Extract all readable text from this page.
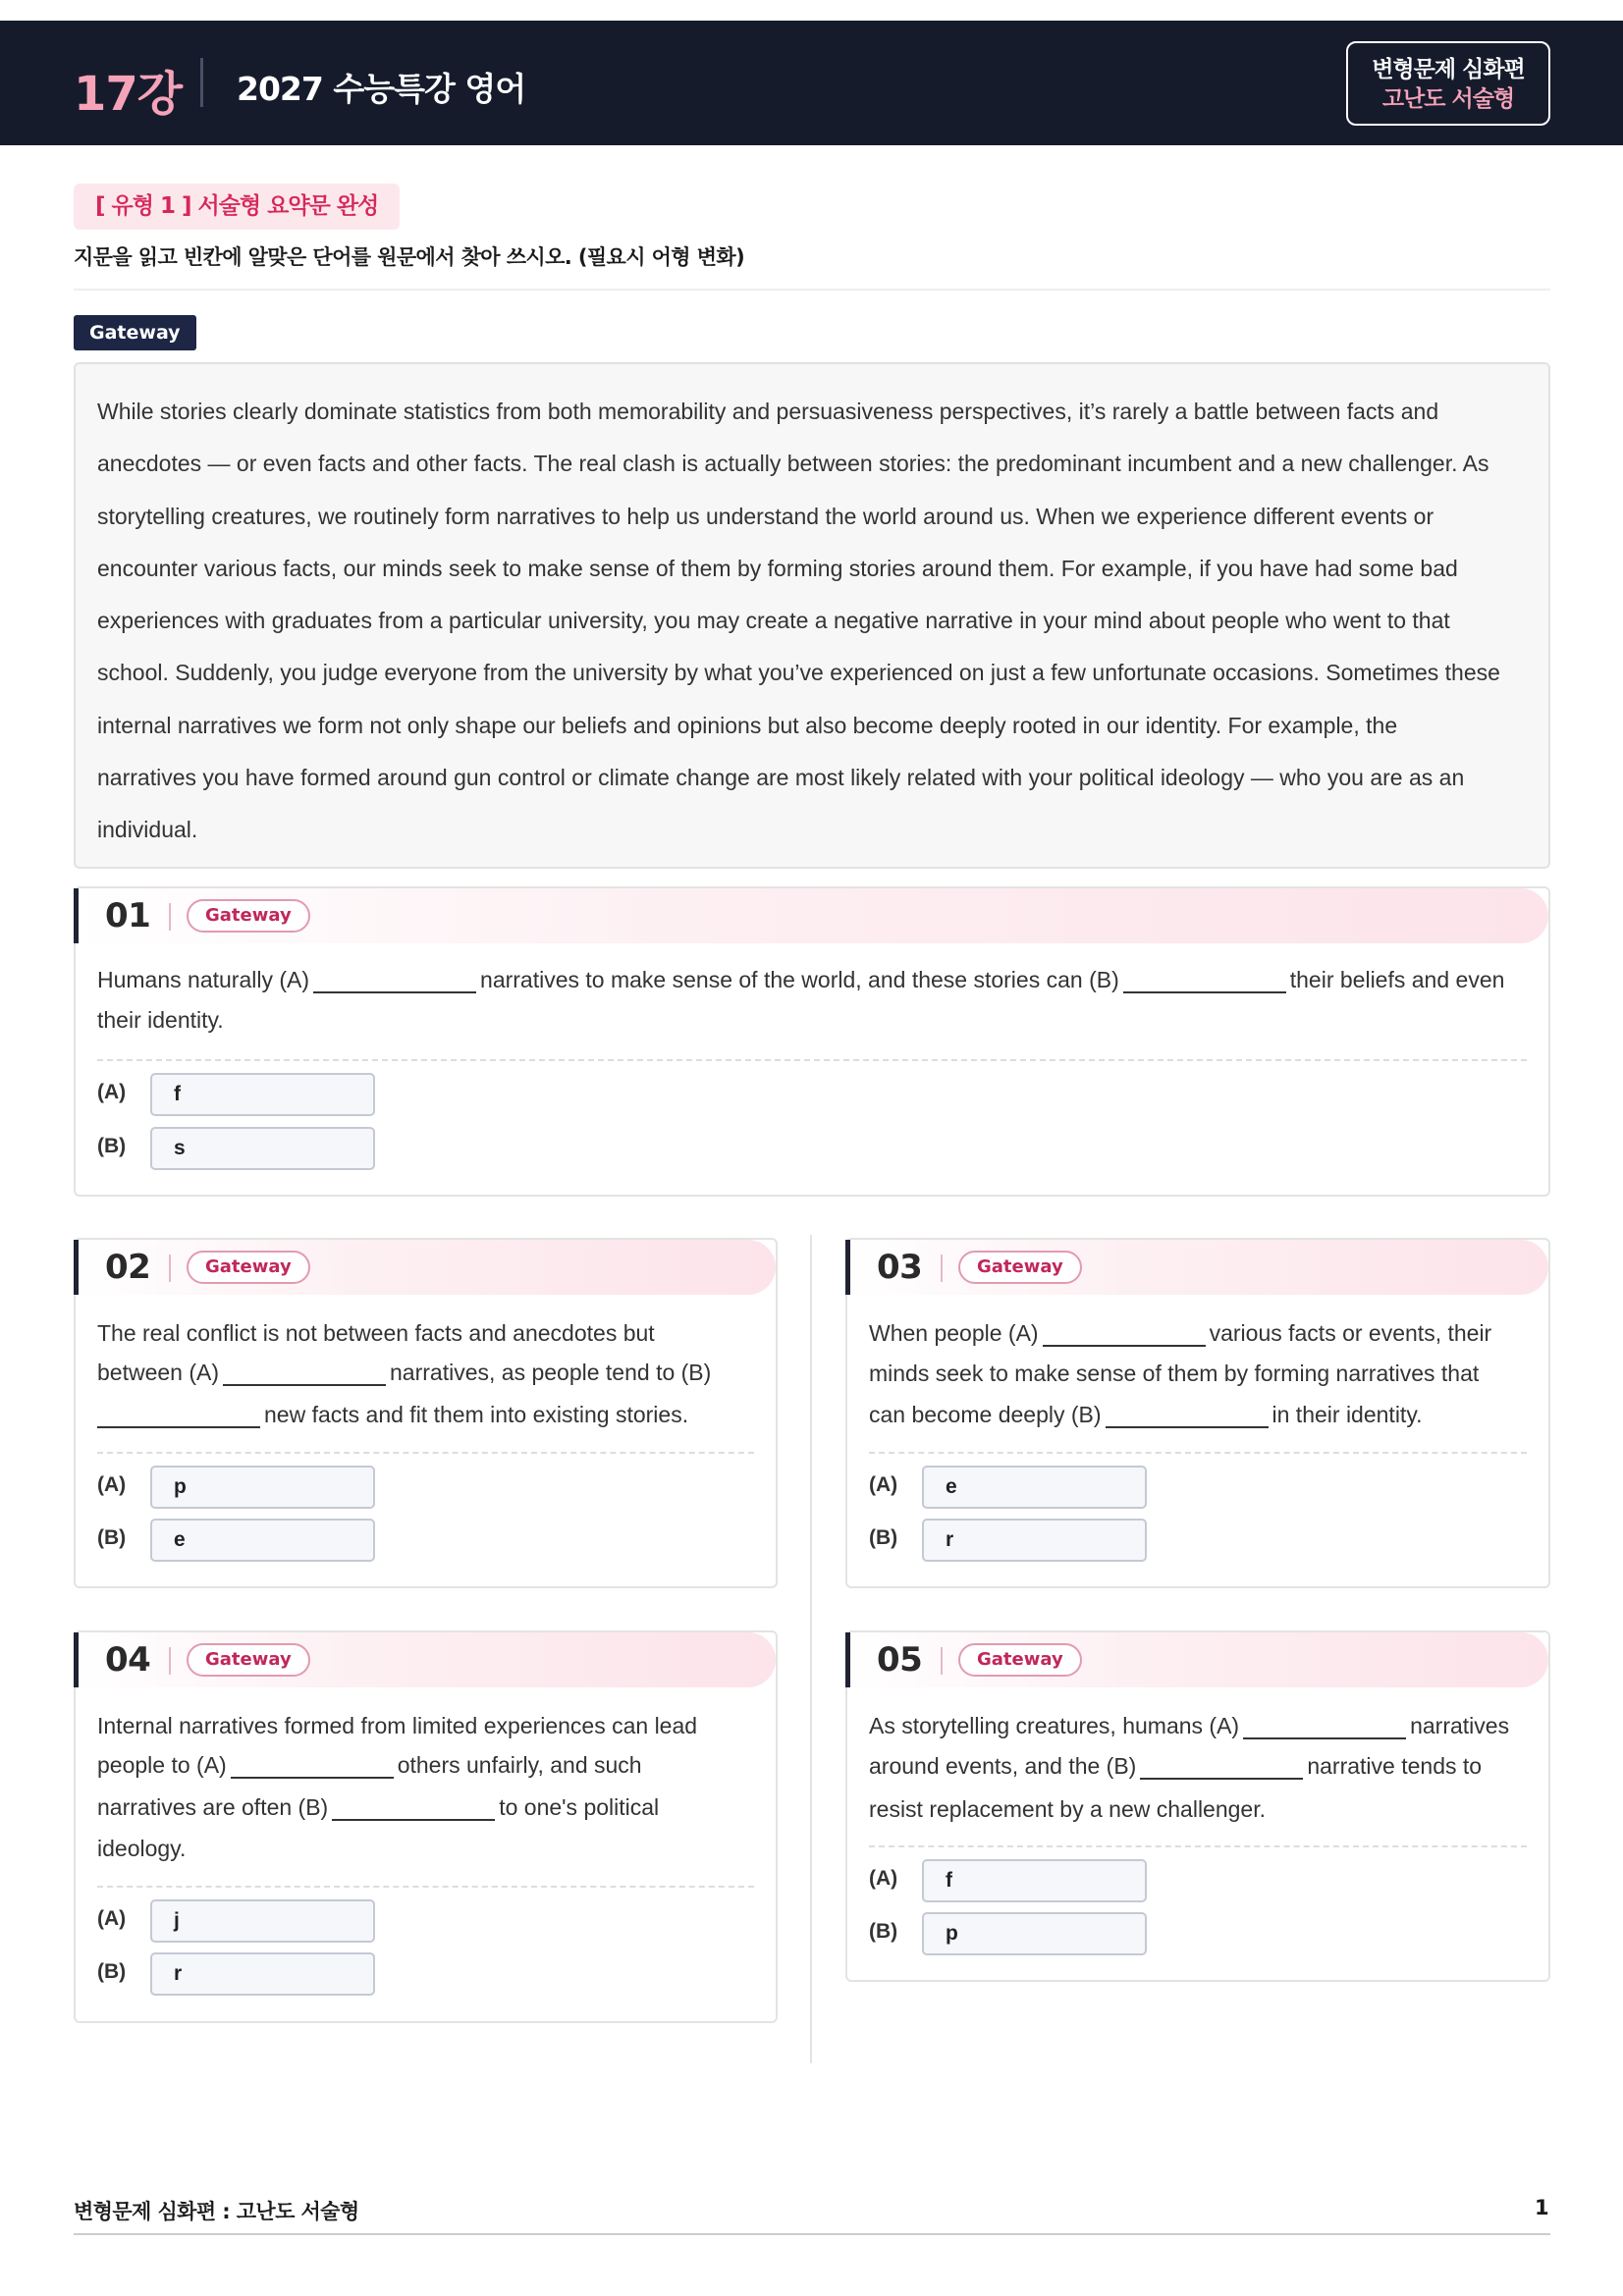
17강 2027 수능특강 영어	변형문제 심화편
고난도 서술형
[ 유형 1 ] 서술형 요약문 완성
지문을 읽고 빈칸에 알맞은 단어를 원문에서 찾아 쓰시오. (필요시 어형 변화)
Gateway
While stories clearly dominate statistics from both memorability and persuasiveness perspectives, it’s rarely a battle between facts and
anecdotes — or even facts and other facts. The real clash is actually between stories: the predominant incumbent and a new challenger. As
storytelling creatures, we routinely form narratives to help us understand the world around us. When we experience different events or
encounter various facts, our minds seek to make sense of them by forming stories around them. For example, if you have had some bad
experiences with graduates from a particular university, you may create a negative narrative in your mind about people who went to that
school. Suddenly, you judge everyone from the university by what you’ve experienced on just a few unfortunate occasions. Sometimes these
internal narratives we form not only shape our beliefs and opinions but also become deeply rooted in our identity. For example, the
narratives you have formed around gun control or climate change are most likely related with your political ideology — who you are as an
individual.
01	Gateway
Humans naturally (A)	narratives to make sense of the world, and these stories can (B)	their beliefs and even
their identity.
(A)	f
(B)	s
02	Gateway
The real conflict is not between facts and anecdotes but
between (A)	narratives, as people tend to (B)
new facts and fit them into existing stories.
(A)	p
(B)	e
03	Gateway
When people (A)	various facts or events, their
minds seek to make sense of them by forming narratives that
can become deeply (B)	in their identity.
(A)	e
(B)	r
04	Gateway
Internal narratives formed from limited experiences can lead
people to (A)	others unfairly, and such
narratives are often (B)	to one's political
ideology.
(A)	j
(B)	r
05	Gateway
As storytelling creatures, humans (A)	narratives
around events, and the (B)	narrative tends to
resist replacement by a new challenger.
(A)	f
(B)	p
변형문제 심화편 : 고난도 서술형	1
